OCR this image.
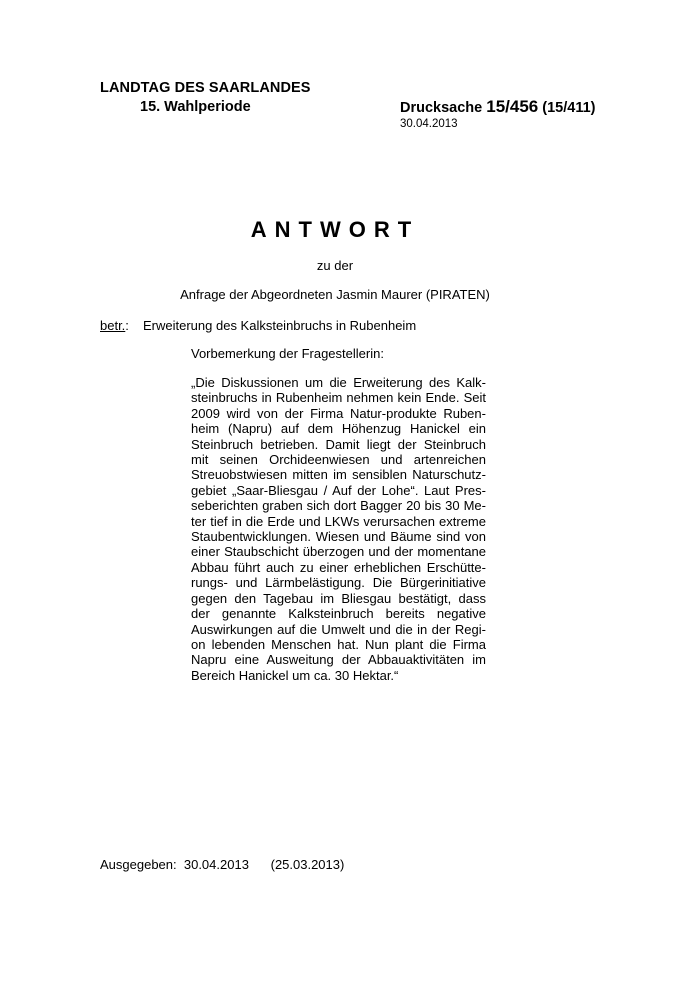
LANDTAG DES SAARLANDES
15. Wahlperiode	Drucksache 15/456 (15/411)
30.04.2013
ANTWORT
zu der
Anfrage der Abgeordneten Jasmin Maurer (PIRATEN)
betr.: Erweiterung des Kalksteinbruchs in Rubenheim
Vorbemerkung der Fragestellerin:
„Die Diskussionen um die Erweiterung des Kalksteinbruchs in Rubenheim nehmen kein Ende. Seit 2009 wird von der Firma Natur-produkte Rubenheim (Napru) auf dem Höhenzug Hanickel ein Steinbruch betrieben. Damit liegt der Steinbruch mit seinen Orchideenwiesen und artenreichen Streuobstwiesen mitten im sensiblen Naturschutzgebiet „Saar-Bliesgau / Auf der Lohe“. Laut Presseberichten graben sich dort Bagger 20 bis 30 Meter tief in die Erde und LKWs verursachen extreme Staubentwicklungen. Wiesen und Bäume sind von einer Staubschicht überzogen und der momentane Abbau führt auch zu einer erheblichen Erschütterungs- und Lärmbelästigung. Die Bürgerinitiative gegen den Tagebau im Bliesgau bestätigt, dass der genannte Kalksteinbruch bereits negative Auswirkungen auf die Umwelt und die in der Region lebenden Menschen hat. Nun plant die Firma Napru eine Ausweitung der Abbauaktivitäten im Bereich Hanickel um ca. 30 Hektar.“
Ausgegeben: 30.04.2013 (25.03.2013)
